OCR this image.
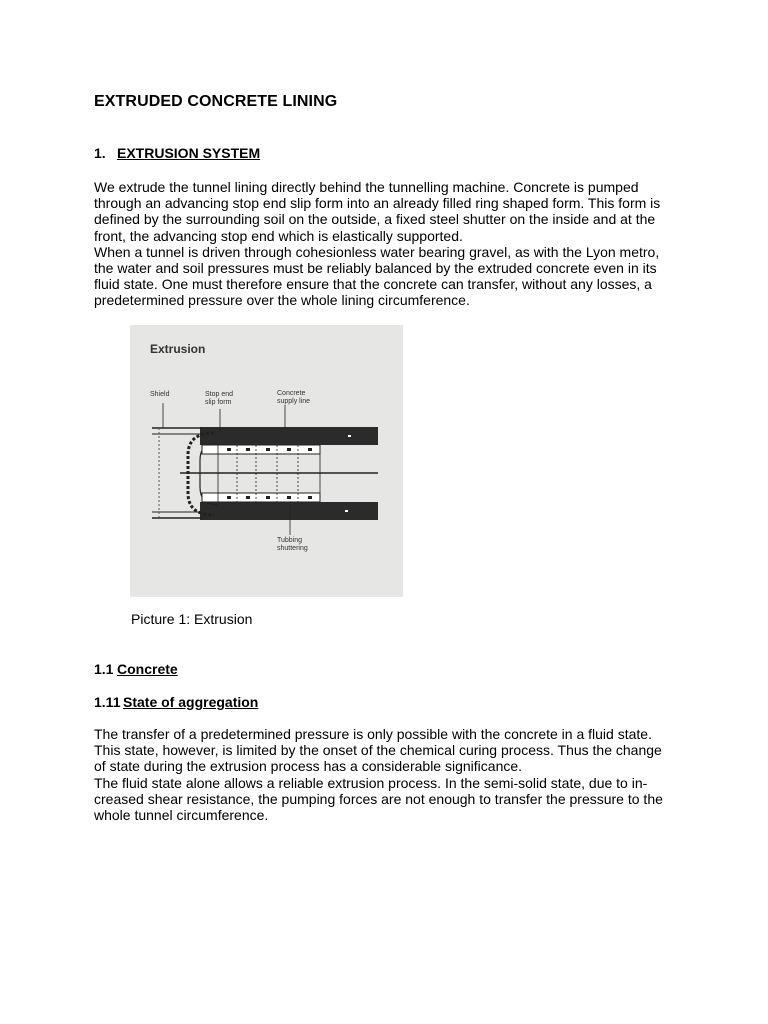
EXTRUDED CONCRETE LINING
1. EXTRUSION SYSTEM
We extrude the tunnel lining directly behind the tunnelling machine. Concrete is pumped
through an advancing stop end slip form into an already filled ring shaped form. This form is
defined by the surrounding soil on the outside, a fixed steel shutter on the inside and at the
front, the advancing stop end which is elastically supported.
When a tunnel is driven through cohesionless water bearing gravel, as with the Lyon metro,
the water and soil pressures must be reliably balanced by the extruded concrete even in its
fluid state. One must therefore ensure that the concrete can transfer, without any losses, a
predetermined pressure over the whole lining circumference.

Extrusion

Shield	Stop end
slip form

Concrete
supply line

Tubbing
shuttering

Picture 1: Extrusion

1.1 Concrete
1.11 State of aggregation
The transfer of a predetermined pressure is only possible with the concrete in a fluid state.
This state, however, is limited by the onset of the chemical curing process. Thus the change
of state during the extrusion process has a considerable significance.
The fluid state alone allows a reliable extrusion process. In the semi-solid state, due to in-
creased shear resistance, the pumping forces are not enough to transfer the pressure to the
whole tunnel circumference.
